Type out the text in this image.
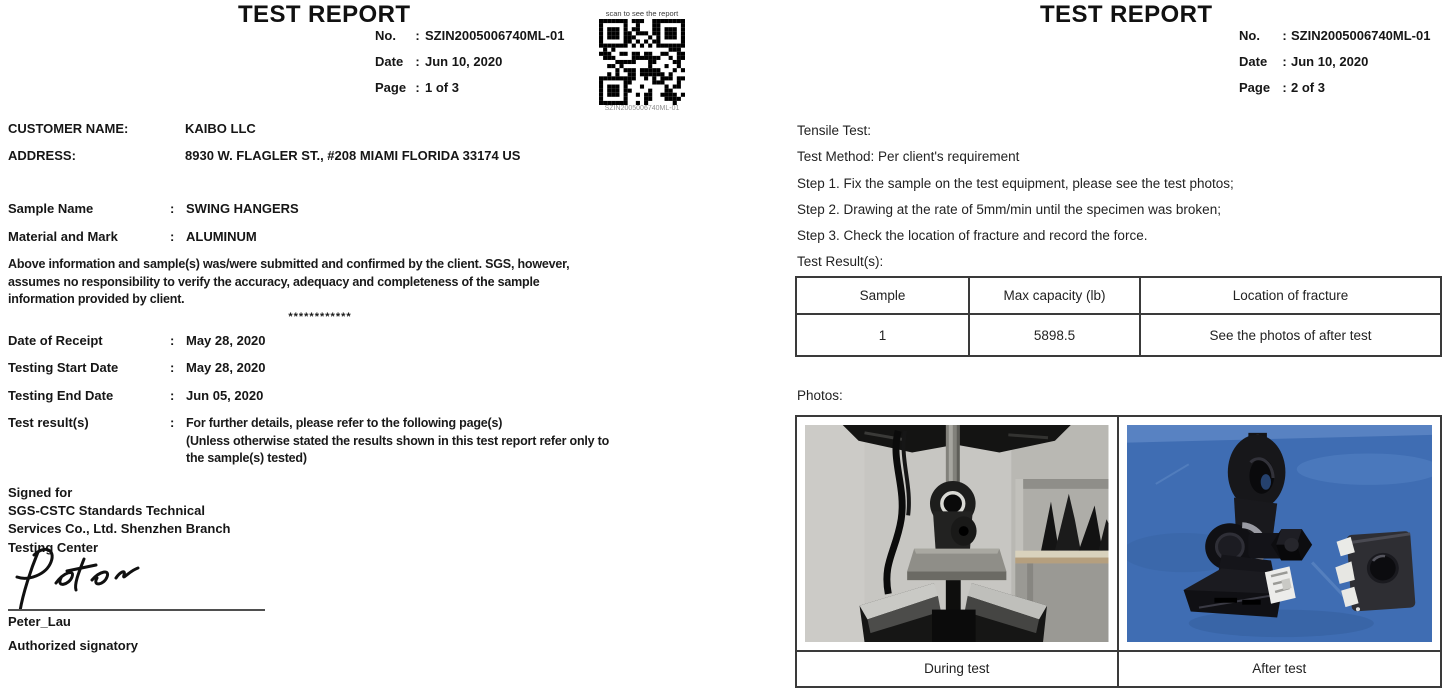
TEST REPORT
No.	: SZIN2005006740ML-01
Date : Jun 10, 2020
Page : 1 of 3
scan to see the report
SZIN2005006740ML-01
CUSTOMER NAME:	KAIBO LLC
ADDRESS:	8930 W. FLAGLER ST., #208 MIAMI FLORIDA 33174 US
Sample Name	: SWING HANGERS
Material and Mark	: ALUMINUM
Above information and sample(s) was/were submitted and confirmed by the client. SGS, however,
assumes no responsibility to verify the accuracy, adequacy and completeness of the sample
information provided by client.
************
Date of Receipt	: May 28, 2020
Testing Start Date	: May 28, 2020
Testing End Date	: Jun 05, 2020
Test result(s)	: For further details, please refer to the following page(s)
(Unless otherwise stated the results shown in this test report refer only to
the sample(s) tested)
Signed for
SGS-CSTC Standards Technical
Services Co., Ltd. Shenzhen Branch
Testing Center
Peter_Lau
Authorized signatory
TEST REPORT
No.	: SZIN2005006740ML-01
Date	: Jun 10, 2020
Page : 2 of 3
Tensile Test:
Test Method: Per client's requirement
Step 1. Fix the sample on the test equipment, please see the test photos;
Step 2. Drawing at the rate of 5mm/min until the specimen was broken;
Step 3. Check the location of fracture and record the force.
Test Result(s):
Sample	Max capacity (lb)	Location of fracture
1	5898.5	See the photos of after test
Photos:
During test	After test
